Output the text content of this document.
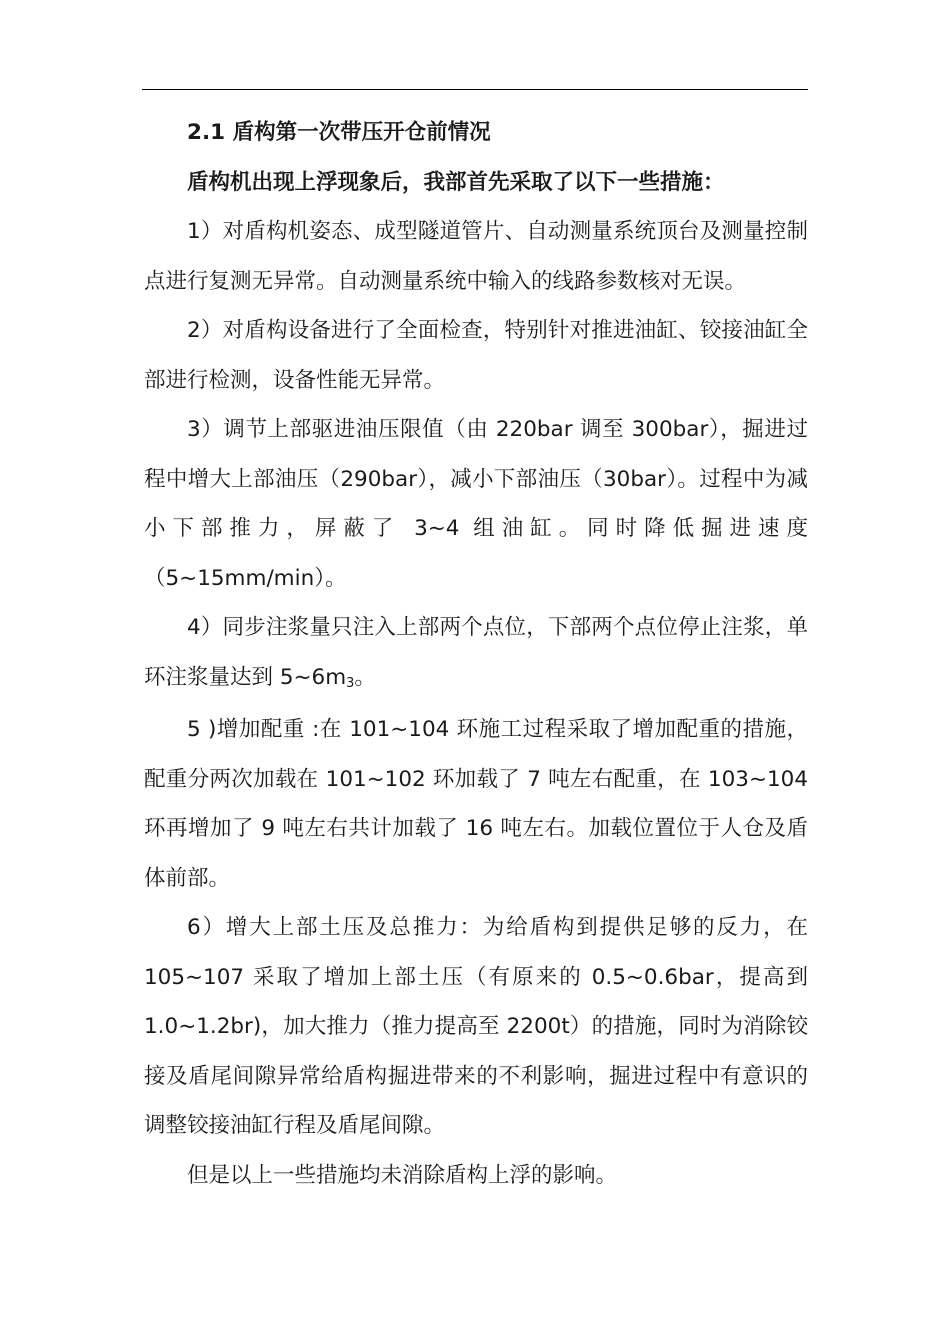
2.1 盾构第一次带压开仓前情况

盾构机出现上浮现象后，我部首先采取了以下一些措施：

1）对盾构机姿态、成型隧道管片、自动测量系统顶台及测量控制点进行复测无异常。自动测量系统中输入的线路参数核对无误。

2）对盾构设备进行了全面检查，特别针对推进油缸、铰接油缸全部进行检测，设备性能无异常。

3）调节上部驱进油压限值（由 220bar 调至 300bar），掘进过程中增大上部油压（290bar），减小下部油压（30bar）。过程中为减小下部推力，屏蔽了 3~4 组油缸。同时降低掘进速度（5~15mm/min）。

4）同步注浆量只注入上部两个点位，下部两个点位停止注浆，单环注浆量达到 $5\sim 6m_3$。

5 )增加配重 :在 101~104 环施工过程采取了增加配重的措施，配重分两次加载在 101~102 环加载了 7 吨左右配重，在 103~104 环再增加了 9 吨左右共计加载了 16 吨左右。加载位置位于人仓及盾体前部。

6）增大上部土压及总推力：为给盾构到提供足够的反力，在 105~107 采取了增加上部土压（有原来的 0.5~0.6bar，提高到 1.0~1.2br)，加大推力（推力提高至 2200t）的措施，同时为消除铰接及盾尾间隙异常给盾构掘进带来的不利影响，掘进过程中有意识的调整铰接油缸行程及盾尾间隙。

但是以上一些措施均未消除盾构上浮的影响。
